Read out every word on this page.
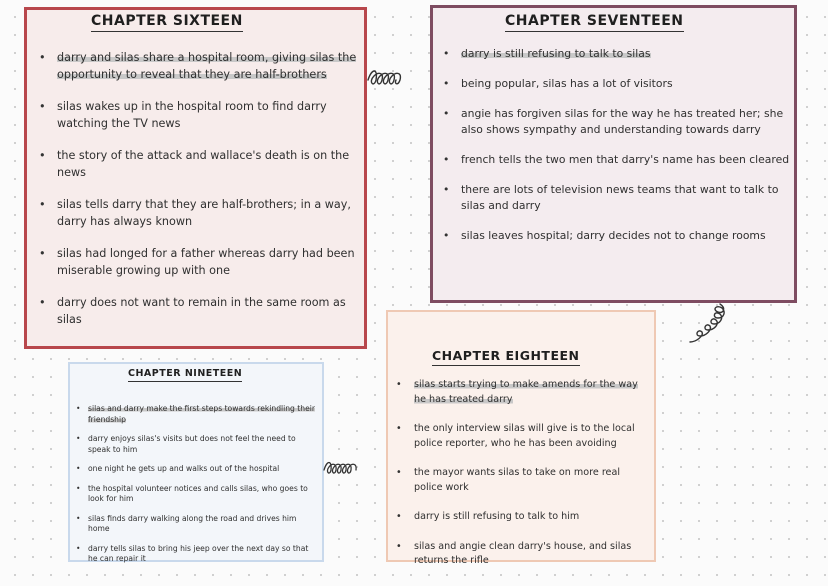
CHAPTER SIXTEEN
• darry and silas share a hospital room, giving silas the opportunity to reveal that they are half-brothers
• silas wakes up in the hospital room to find darry watching the TV news
• the story of the attack and wallace's death is on the news
• silas tells darry that they are half-brothers; in a way, darry has always known
• silas had longed for a father whereas darry had been miserable growing up with one
• darry does not want to remain in the same room as silas
CHAPTER SEVENTEEN
• darry is still refusing to talk to silas
• being popular, silas has a lot of visitors
• angie has forgiven silas for the way he has treated her; she also shows sympathy and understanding towards darry
• french tells the two men that darry's name has been cleared
• there are lots of television news teams that want to talk to silas and darry
• silas leaves hospital; darry decides not to change rooms
CHAPTER EIGHTEEN
• silas starts trying to make amends for the way he has treated darry
• the only interview silas will give is to the local police reporter, who he has been avoiding
• the mayor wants silas to take on more real police work
• darry is still refusing to talk to him
• silas and angie clean darry's house, and silas returns the rifle
CHAPTER NINETEEN
• silas and darry make the first steps towards rekindling their friendship
• darry enjoys silas's visits but does not feel the need to speak to him
• one night he gets up and walks out of the hospital
• the hospital volunteer notices and calls silas, who goes to look for him
• silas finds darry walking along the road and drives him home
• darry tells silas to bring his jeep over the next day so that he can repair it
